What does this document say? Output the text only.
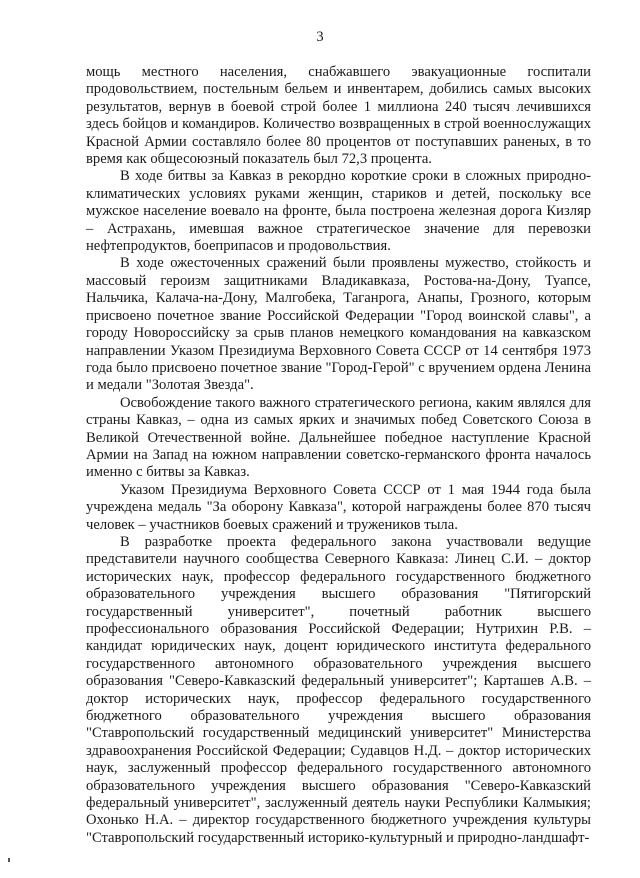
3

мощь местного населения, снабжавшего эвакуационные госпитали продовольствием, постельным бельем и инвентарем, добились самых высоких результатов, вернув в боевой строй более 1 миллиона 240 тысяч лечившихся здесь бойцов и командиров. Количество возвращенных в строй военнослужащих Красной Армии составляло более 80 процентов от поступавших раненых, в то время как общесоюзный показатель был 72,3 процента.

В ходе битвы за Кавказ в рекордно короткие сроки в сложных природно-климатических условиях руками женщин, стариков и детей, поскольку все мужское население воевало на фронте, была построена железная дорога Кизляр – Астрахань, имевшая важное стратегическое значение для перевозки нефтепродуктов, боеприпасов и продовольствия.

В ходе ожесточенных сражений были проявлены мужество, стойкость и массовый героизм защитниками Владикавказа, Ростова-на-Дону, Туапсе, Нальчика, Калача-на-Дону, Малгобека, Таганрога, Анапы, Грозного, которым присвоено почетное звание Российской Федерации "Город воинской славы", а городу Новороссийску за срыв планов немецкого командования на кавказском направлении Указом Президиума Верховного Совета СССР от 14 сентября 1973 года было присвоено почетное звание "Город-Герой" с вручением ордена Ленина и медали "Золотая Звезда".

Освобождение такого важного стратегического региона, каким являлся для страны Кавказ, – одна из самых ярких и значимых побед Советского Союза в Великой Отечественной войне. Дальнейшее победное наступление Красной Армии на Запад на южном направлении советско-германского фронта началось именно с битвы за Кавказ.

Указом Президиума Верховного Совета СССР от 1 мая 1944 года была учреждена медаль "За оборону Кавказа", которой награждены более 870 тысяч человек – участников боевых сражений и тружеников тыла.

В разработке проекта федерального закона участвовали ведущие представители научного сообщества Северного Кавказа: Линец С.И. – доктор исторических наук, профессор федерального государственного бюджетного образовательного учреждения высшего образования "Пятигорский государственный университет", почетный работник высшего профессионального образования Российской Федерации; Нутрихин Р.В. – кандидат юридических наук, доцент юридического института федерального государственного автономного образовательного учреждения высшего образования "Северо-Кавказский федеральный университет"; Карташев А.В. – доктор исторических наук, профессор федерального государственного бюджетного образовательного учреждения высшего образования "Ставропольский государственный медицинский университет" Министерства здравоохранения Российской Федерации; Судавцов Н.Д. – доктор исторических наук, заслуженный профессор федерального государственного автономного образовательного учреждения высшего образования "Северо-Кавказский федеральный университет", заслуженный деятель науки Республики Калмыкия; Охонько Н.А. – директор государственного бюджетного учреждения культуры "Ставропольский государственный историко-культурный и природно-ландшафт-
